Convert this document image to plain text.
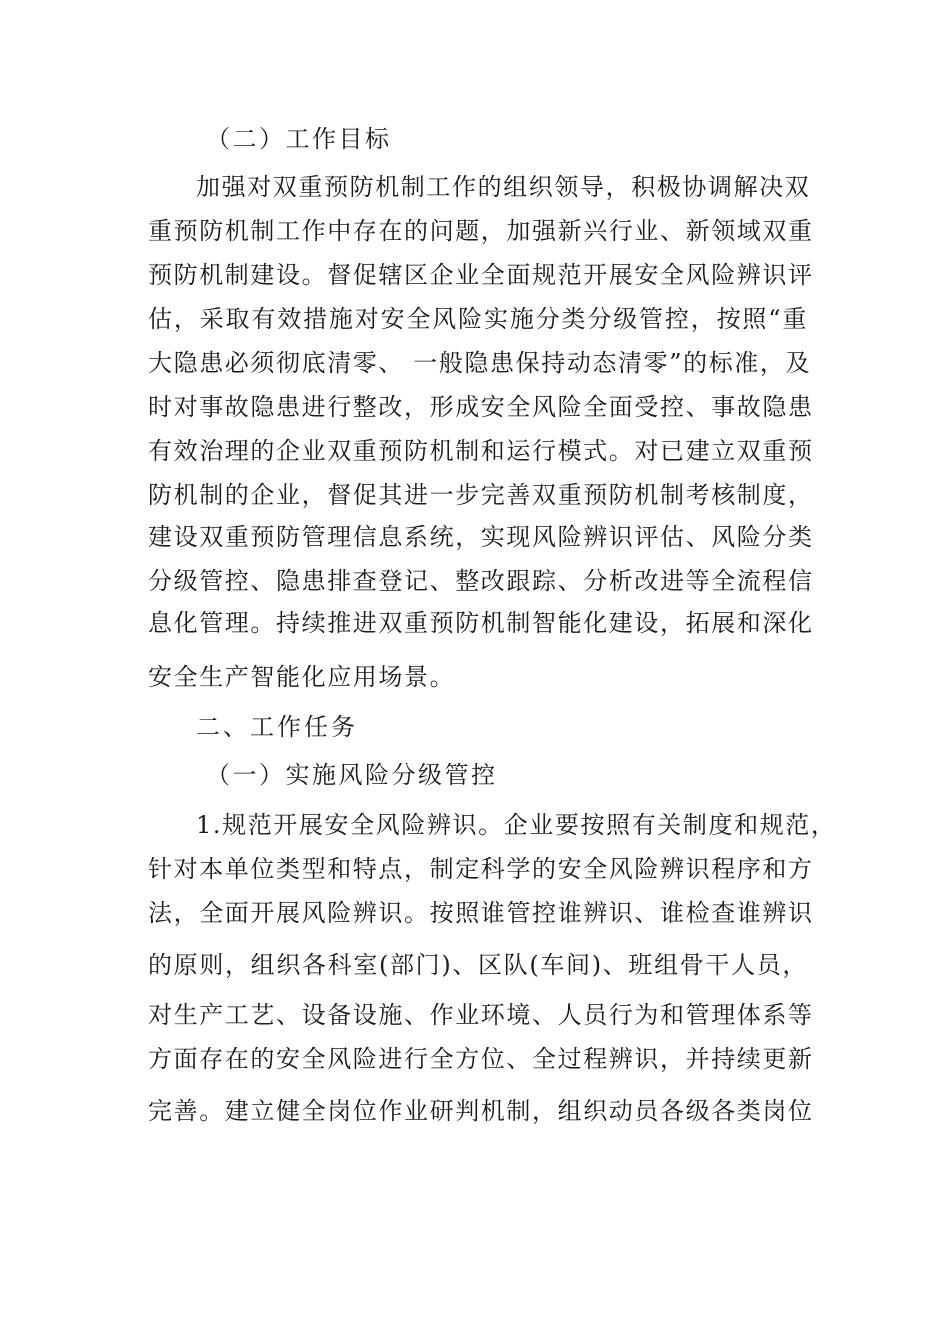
（二）工作目标
加强对双重预防机制工作的组织领导，积极协调解决双
重预防机制工作中存在的问题，加强新兴行业、新领域双重
预防机制建设。督促辖区企业全面规范开展安全风险辨识评
估，采取有效措施对安全风险实施分类分级管控，按照“重
大隐患必须彻底清零、 一般隐患保持动态清零”的标准，及
时对事故隐患进行整改，形成安全风险全面受控、事故隐患
有效治理的企业双重预防机制和运行模式。对已建立双重预
防机制的企业，督促其进一步完善双重预防机制考核制度，
建设双重预防管理信息系统，实现风险辨识评估、风险分类
分级管控、隐患排查登记、整改跟踪、分析改进等全流程信
息化管理。持续推进双重预防机制智能化建设，拓展和深化
安全生产智能化应用场景。
二、工作任务
（一）实施风险分级管控
1.规范开展安全风险辨识。企业要按照有关制度和规范，
针对本单位类型和特点，制定科学的安全风险辨识程序和方
法，全面开展风险辨识。按照谁管控谁辨识、谁检查谁辨识
的原则，组织各科室(部门)、区队(车间)、班组骨干人员，
对生产工艺、设备设施、作业环境、人员行为和管理体系等
方面存在的安全风险进行全方位、全过程辨识，并持续更新
完善。建立健全岗位作业研判机制，组织动员各级各类岗位
